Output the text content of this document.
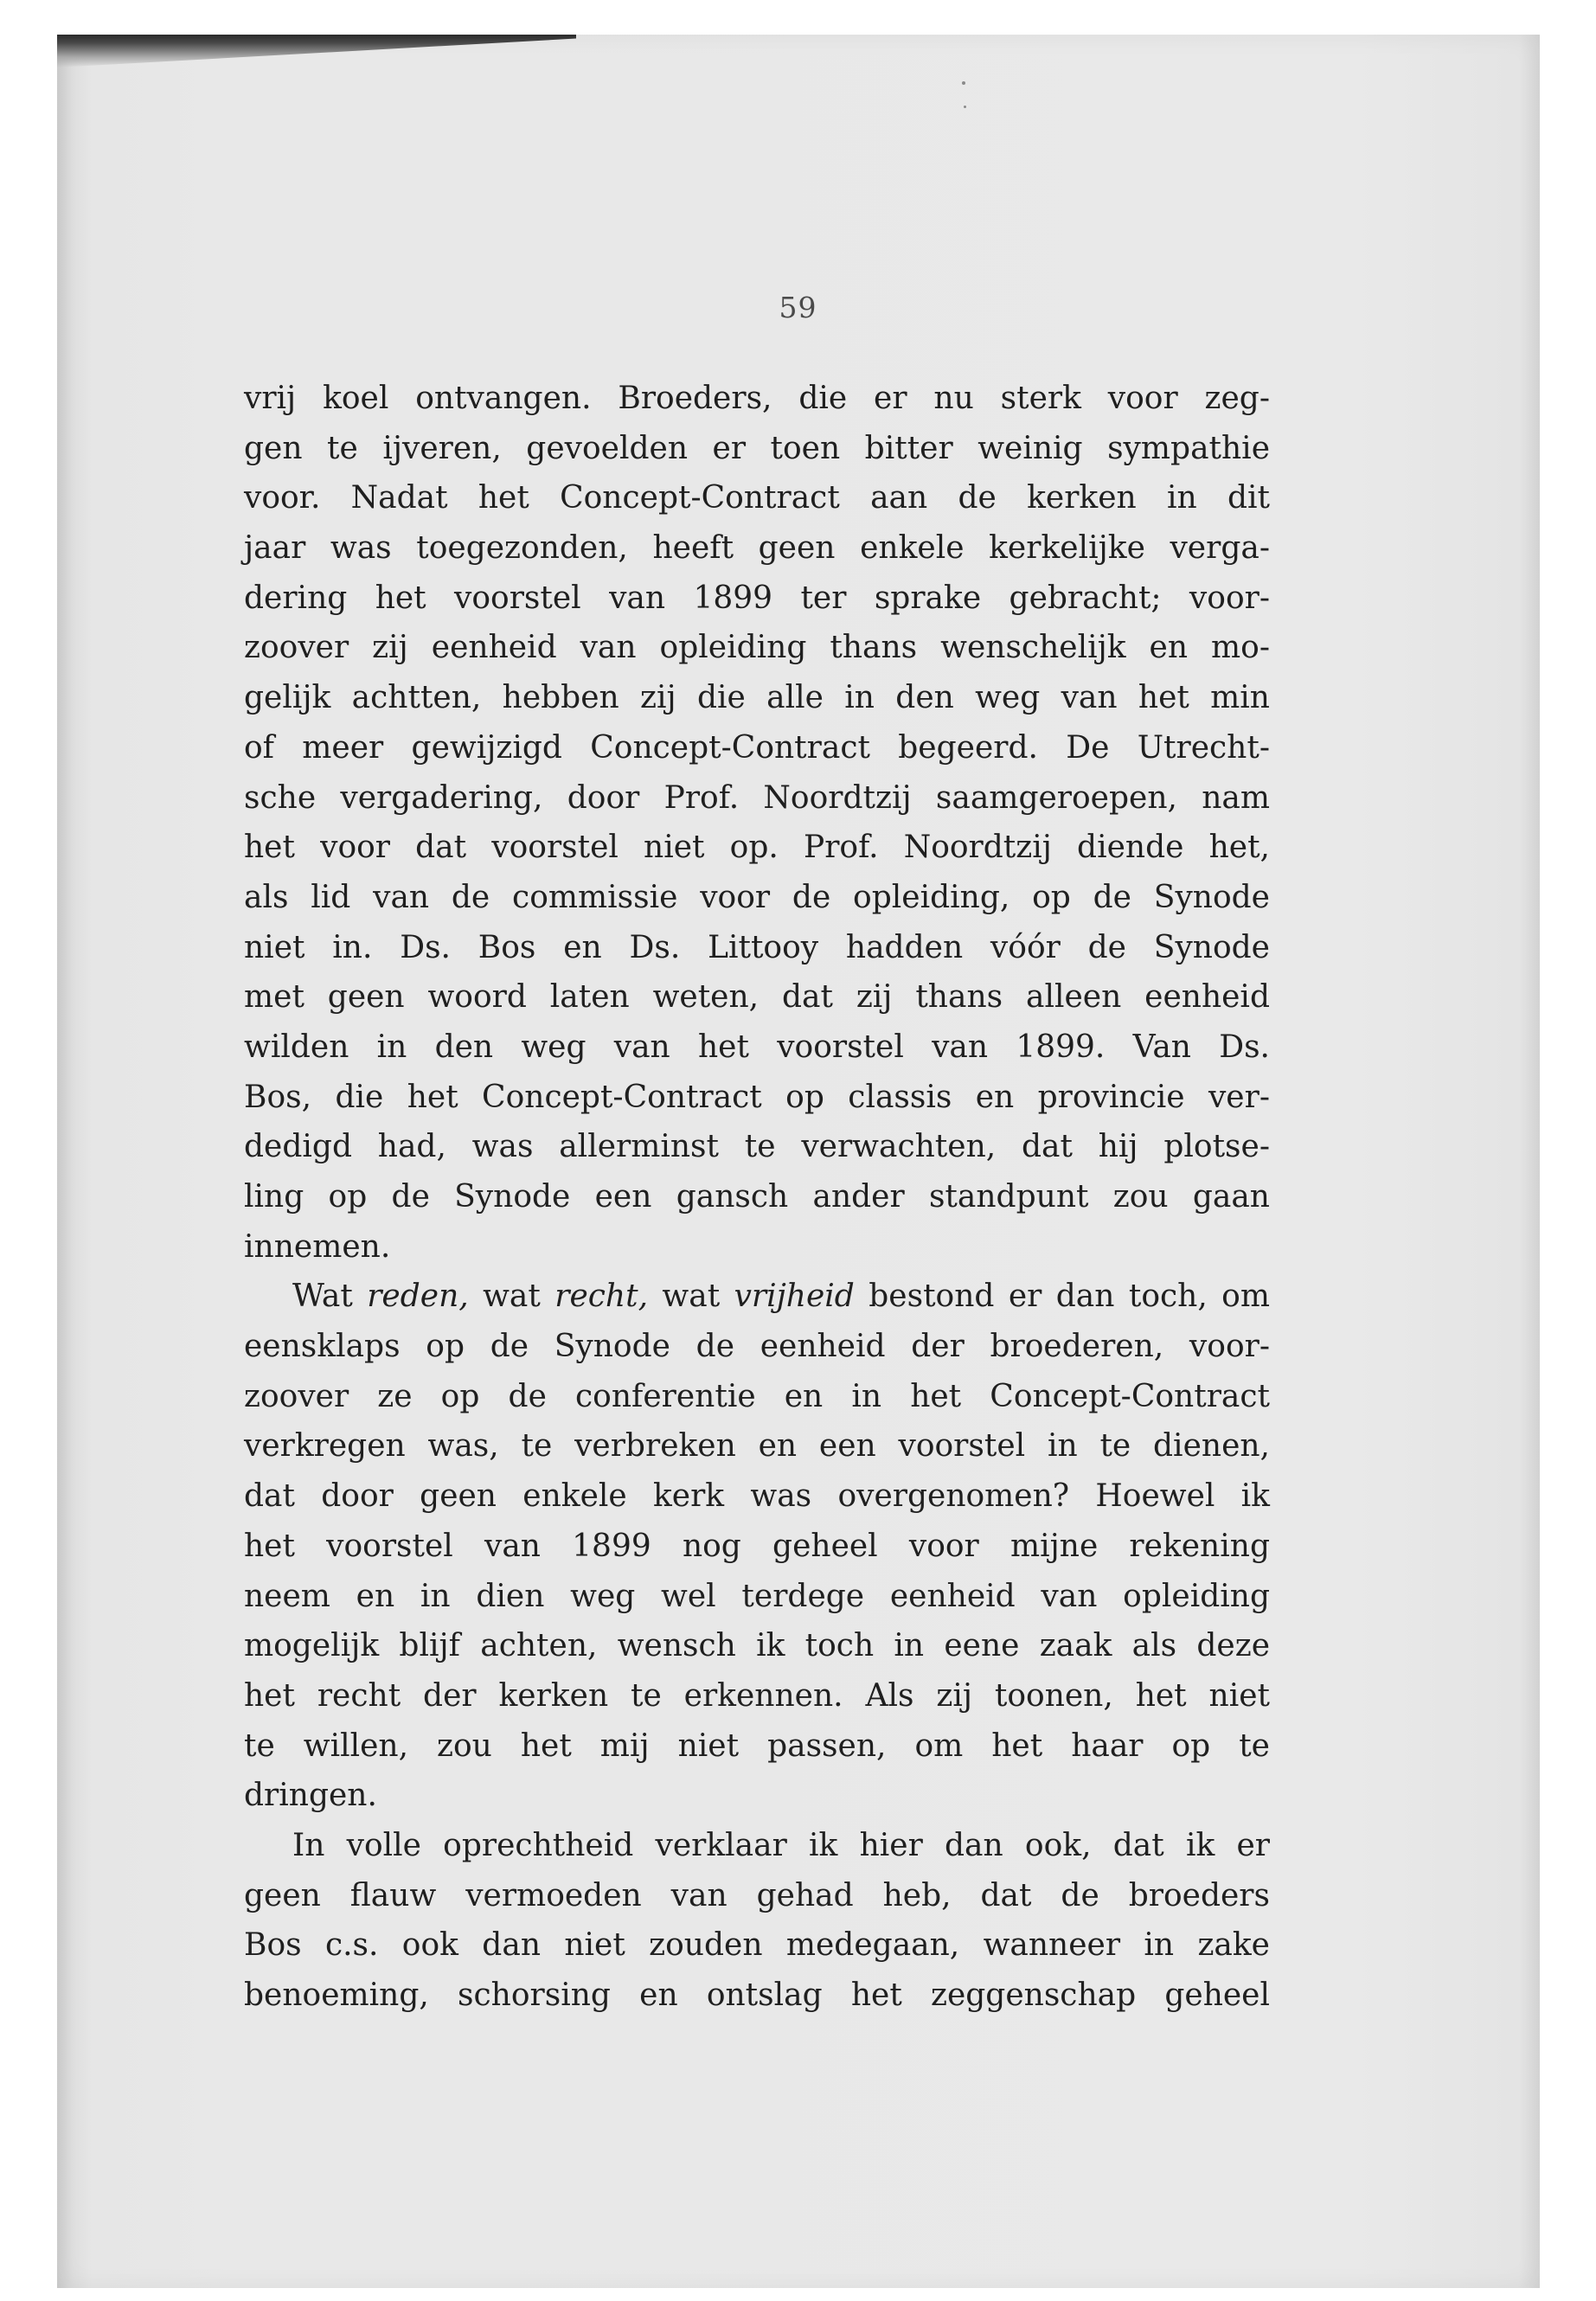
59
vrij koel ontvangen. Broeders, die er nu sterk voor zeg-
gen te ijveren, gevoelden er toen bitter weinig sympathie
voor. Nadat het Concept-Contract aan de kerken in dit
jaar was toegezonden, heeft geen enkele kerkelijke verga-
dering het voorstel van 1899 ter sprake gebracht; voor-
zoover zij eenheid van opleiding thans wenschelijk en mo-
gelijk achtten, hebben zij die alle in den weg van het min
of meer gewijzigd Concept-Contract begeerd. De Utrecht-
sche vergadering, door Prof. Noordtzij saamgeroepen, nam
het voor dat voorstel niet op. Prof. Noordtzij diende het,
als lid van de commissie voor de opleiding, op de Synode
niet in. Ds. Bos en Ds. Littooy hadden vóór de Synode
met geen woord laten weten, dat zij thans alleen eenheid
wilden in den weg van het voorstel van 1899. Van Ds.
Bos, die het Concept-Contract op classis en provincie ver-
dedigd had, was allerminst te verwachten, dat hij plotse-
ling op de Synode een gansch ander standpunt zou gaan
innemen.
Wat reden, wat recht, wat vrijheid bestond er dan toch, om
eensklaps op de Synode de eenheid der broederen, voor-
zoover ze op de conferentie en in het Concept-Contract
verkregen was, te verbreken en een voorstel in te dienen,
dat door geen enkele kerk was overgenomen? Hoewel ik
het voorstel van 1899 nog geheel voor mijne rekening
neem en in dien weg wel terdege eenheid van opleiding
mogelijk blijf achten, wensch ik toch in eene zaak als deze
het recht der kerken te erkennen. Als zij toonen, het niet
te willen, zou het mij niet passen, om het haar op te
dringen.
In volle oprechtheid verklaar ik hier dan ook, dat ik er
geen flauw vermoeden van gehad heb, dat de broeders
Bos c.s. ook dan niet zouden medegaan, wanneer in zake
benoeming, schorsing en ontslag het zeggenschap geheel
